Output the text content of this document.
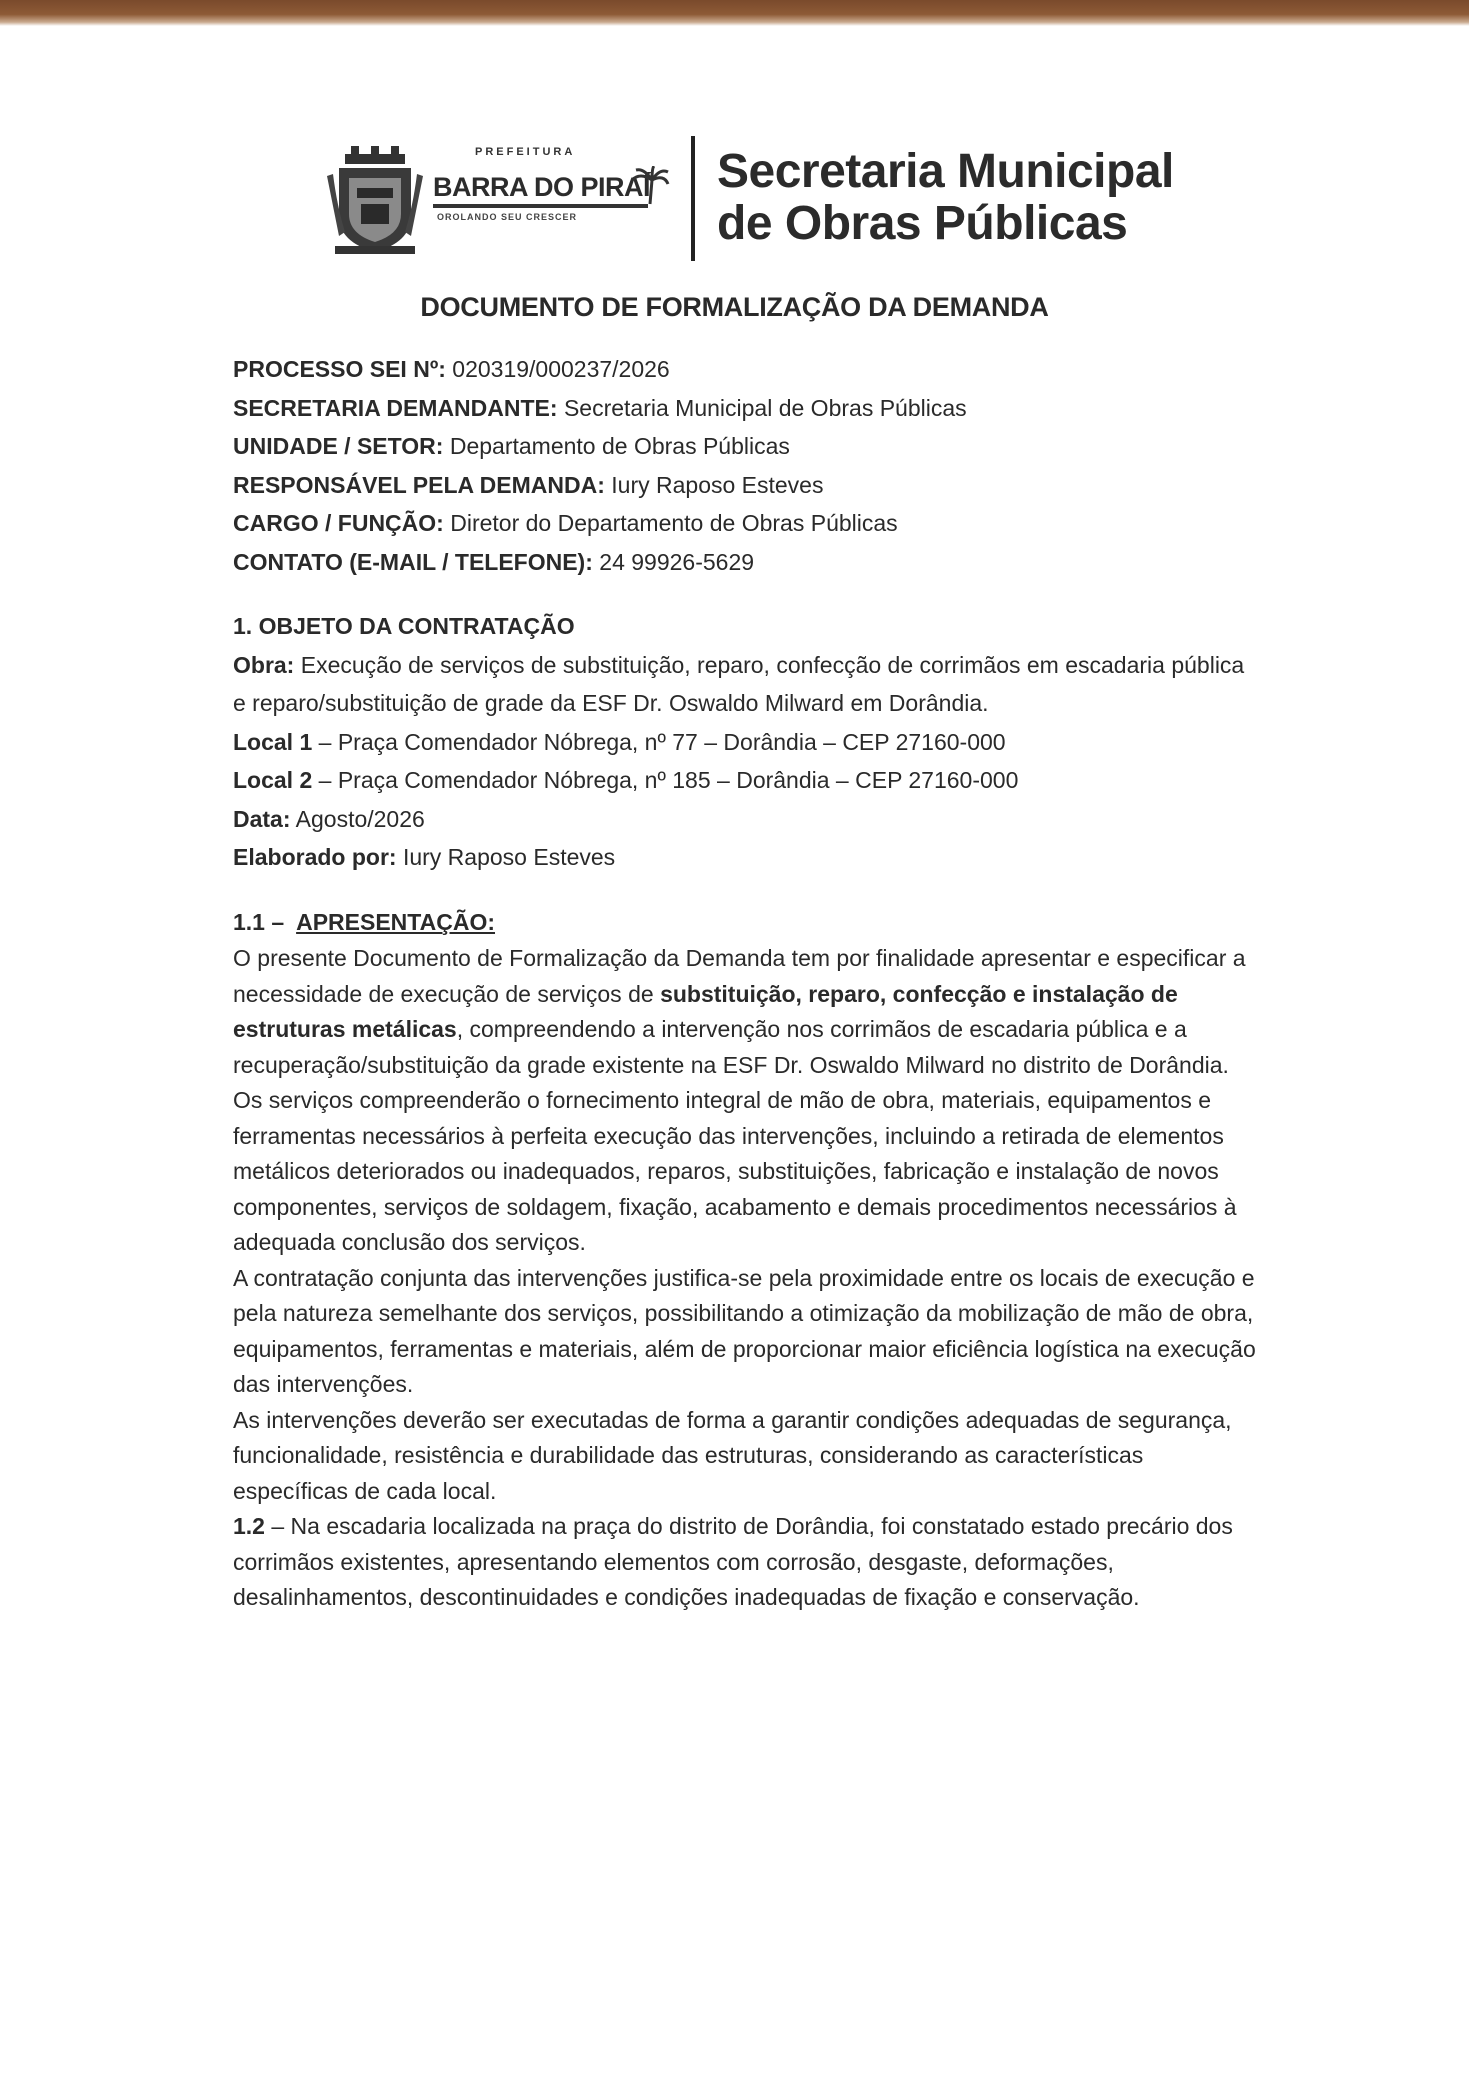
PREFEITURA
BARRA DO PIRAÍ
OROLANDO SEU CRESCER
Secretaria Municipal
de Obras Públicas
DOCUMENTO DE FORMALIZAÇÃO DA DEMANDA
PROCESSO SEI Nº: 020319/000237/2026
SECRETARIA DEMANDANTE: Secretaria Municipal de Obras Públicas
UNIDADE / SETOR: Departamento de Obras Públicas
RESPONSÁVEL PELA DEMANDA: Iury Raposo Esteves
CARGO / FUNÇÃO: Diretor do Departamento de Obras Públicas
CONTATO (E-MAIL / TELEFONE): 24 99926-5629
1. OBJETO DA CONTRATAÇÃO
Obra: Execução de serviços de substituição, reparo, confecção de corrimãos em escadaria pública e reparo/substituição de grade da ESF Dr. Oswaldo Milward em Dorândia.
Local 1 – Praça Comendador Nóbrega, nº 77 – Dorândia – CEP 27160-000
Local 2 – Praça Comendador Nóbrega, nº 185 – Dorândia – CEP 27160-000
Data: Agosto/2026
Elaborado por: Iury Raposo Esteves
1.1 – APRESENTAÇÃO:
O presente Documento de Formalização da Demanda tem por finalidade apresentar e especificar a necessidade de execução de serviços de substituição, reparo, confecção e instalação de estruturas metálicas, compreendendo a intervenção nos corrimãos de escadaria pública e a recuperação/substituição da grade existente na ESF Dr. Oswaldo Milward no distrito de Dorândia.
Os serviços compreenderão o fornecimento integral de mão de obra, materiais, equipamentos e ferramentas necessários à perfeita execução das intervenções, incluindo a retirada de elementos metálicos deteriorados ou inadequados, reparos, substituições, fabricação e instalação de novos componentes, serviços de soldagem, fixação, acabamento e demais procedimentos necessários à adequada conclusão dos serviços.
A contratação conjunta das intervenções justifica-se pela proximidade entre os locais de execução e pela natureza semelhante dos serviços, possibilitando a otimização da mobilização de mão de obra, equipamentos, ferramentas e materiais, além de proporcionar maior eficiência logística na execução das intervenções.
As intervenções deverão ser executadas de forma a garantir condições adequadas de segurança, funcionalidade, resistência e durabilidade das estruturas, considerando as características específicas de cada local.
1.2 – Na escadaria localizada na praça do distrito de Dorândia, foi constatado estado precário dos corrimãos existentes, apresentando elementos com corrosão, desgaste, deformações, desalinhamentos, descontinuidades e condições inadequadas de fixação e conservação.
